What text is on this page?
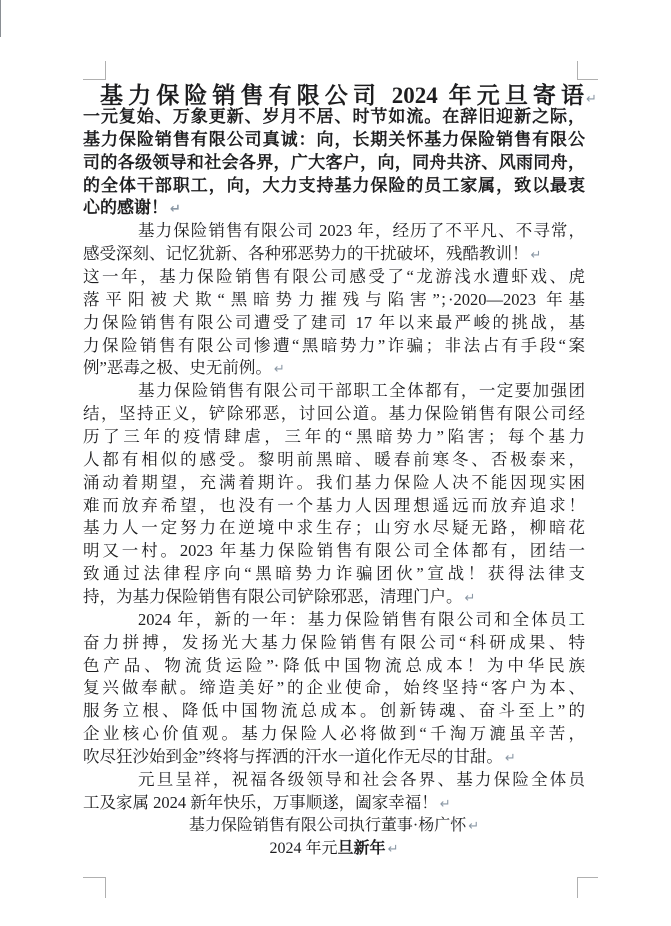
基力保险销售有限公司 2024 年元旦寄语 ↵
一元复始、万象更新、岁月不居、时节如流。在辞旧迎新之际，
基力保险销售有限公司真诚：向，长期关怀基力保险销售有限公
司的各级领导和社会各界，广大客户，向，同舟共济、风雨同舟，
的全体干部职工，向，大力支持基力保险的员工家属，致以最衷
心的感谢！ ↵
基力保险销售有限公司 2023 年，经历了不平凡、不寻常，
感受深刻、记忆犹新、各种邪恶势力的干扰破坏，残酷教训！ ↵
这一年，基力保险销售有限公司感受了“龙游浅水遭虾戏、虎
落平阳被犬欺“黑暗势力摧残与陷害”；·2020—2023 年基
力保险销售有限公司遭受了建司 17 年以来最严峻的挑战，基
力保险销售有限公司惨遭“黑暗势力”诈骗；非法占有手段“案
例”恶毒之极、史无前例。 ↵
基力保险销售有限公司干部职工全体都有，一定要加强团
结，坚持正义，铲除邪恶，讨回公道。基力保险销售有限公司经
历了三年的疫情肆虐，三年的“黑暗势力”陷害；每个基力
人都有相似的感受。黎明前黑暗、暖春前寒冬、否极泰来，
涌动着期望，充满着期许。我们基力保险人决不能因现实困
难而放弃希望，也没有一个基力人因理想遥远而放弃追求！
基力人一定努力在逆境中求生存；山穷水尽疑无路，柳暗花
明又一村。2023 年基力保险销售有限公司全体都有，团结一
致通过法律程序向“黑暗势力诈骗团伙”宣战！获得法律支
持，为基力保险销售有限公司铲除邪恶，清理门户。 ↵
2024 年，新的一年：基力保险销售有限公司和全体员工
奋力拼搏，发扬光大基力保险销售有限公司“科研成果、特
色产品、物流货运险”·降低中国物流总成本！为中华民族
复兴做奉献。缔造美好”的企业使命，始终坚持“客户为本、
服务立根、降低中国物流总成本。创新铸魂、奋斗至上”的
企业核心价值观。基力保险人必将做到“千淘万漉虽辛苦，
吹尽狂沙始到金”终将与挥洒的汗水一道化作无尽的甘甜。 ↵
元旦呈祥，祝福各级领导和社会各界、基力保险全体员
工及家属 2024 新年快乐，万事顺遂，阖家幸福！ ↵
基力保险销售有限公司执行董事·杨广怀 ↵
2024 年元旦新年 ↵
